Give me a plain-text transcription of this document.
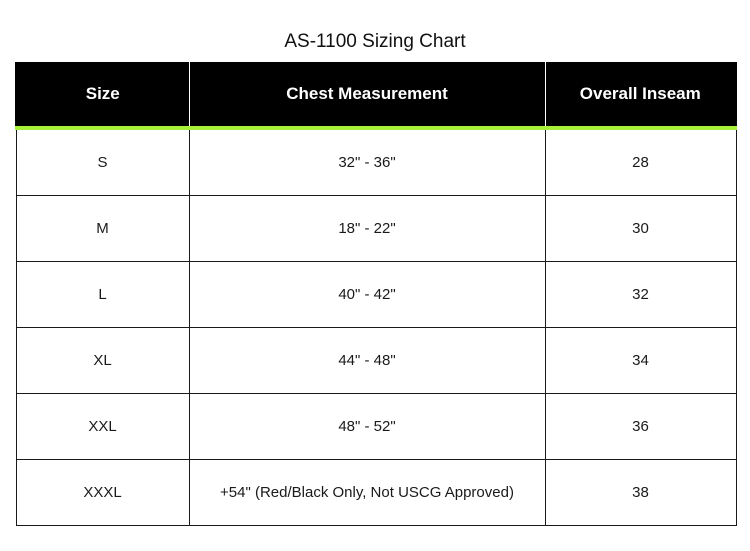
AS-1100 Sizing Chart
Size	Chest Measurement	Overall Inseam
S	32" - 36"	28
M	18" - 22"	30
L	40" - 42"	32
XL	44" - 48"	34
XXL	48" - 52"	36
XXXL	+54" (Red/Black Only, Not USCG Approved)	38
